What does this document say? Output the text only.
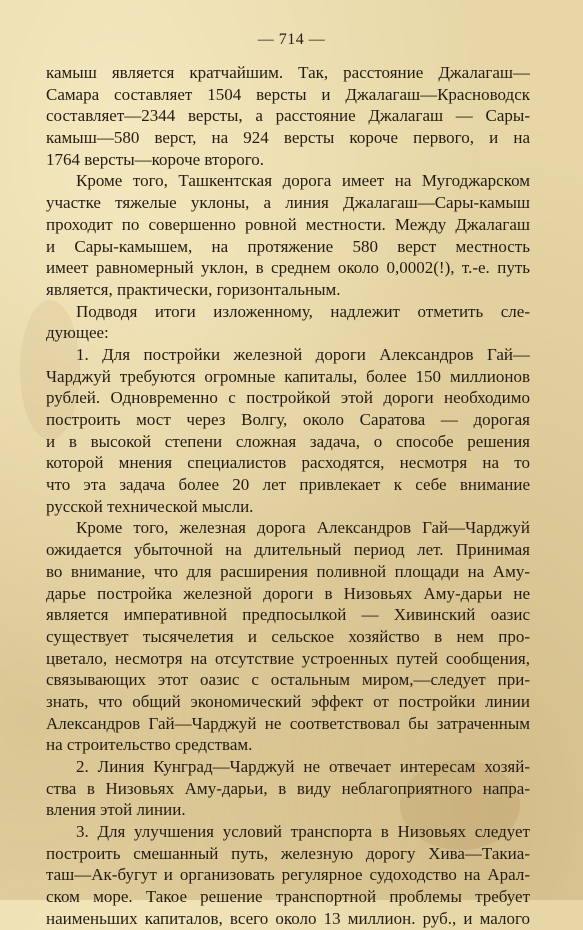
— 714 —
камыш является кратчайшим. Так, расстояние Джалагаш—
Самара составляет 1504 версты и Джалагаш—Красноводск
составляет—2344 версты, а расстояние Джалагаш — Сары-
камыш—580 верст, на 924 версты короче первого, и на
1764 версты—короче второго.
Кроме того, Ташкентская дорога имеет на Мугоджарском
участке тяжелые уклоны, а линия Джалагаш—Сары-камыш
проходит по совершенно ровной местности. Между Джалагаш
и Сары-камышем, на протяжение 580 верст местность
имеет равномерный уклон, в среднем около 0,0002(!), т.-е. путь
является, практически, горизонтальным.
Подводя итоги изложенному, надлежит отметить сле-
дующее:
1. Для постройки железной дороги Александров Гай—
Чарджуй требуются огромные капиталы, более 150 миллионов
рублей. Одновременно с постройкой этой дороги необходимо
построить мост через Волгу, около Саратова — дорогая
и в высокой степени сложная задача, о способе решения
которой мнения специалистов расходятся, несмотря на то
что эта задача более 20 лет привлекает к себе внимание
русской технической мысли.
Кроме того, железная дорога Александров Гай—Чарджуй
ожидается убыточной на длительный период лет. Принимая
во внимание, что для расширения поливной площади на Аму-
дарье постройка железной дороги в Низовьях Аму-дарьи не
является императивной предпосылкой — Хивинский оазис
существует тысячелетия и сельское хозяйство в нем про-
цветало, несмотря на отсутствие устроенных путей сообщения,
связывающих этот оазис с остальным миром,—следует при-
знать, что общий экономический эффект от постройки линии
Александров Гай—Чарджуй не соответствовал бы затраченным
на строительство средствам.
2. Линия Кунград—Чарджуй не отвечает интересам хозяй-
ства в Низовьях Аму-дарьи, в виду неблагоприятного напра-
вления этой линии.
3. Для улучшения условий транспорта в Низовьях следует
построить смешанный путь, железную дорогу Хива—Такиа-
таш—Ак-бугут и организовать регулярное судоходство на Арал-
ском море. Такое решение транспортной проблемы требует
наименьших капиталов, всего около 13 миллион. руб., и малого
